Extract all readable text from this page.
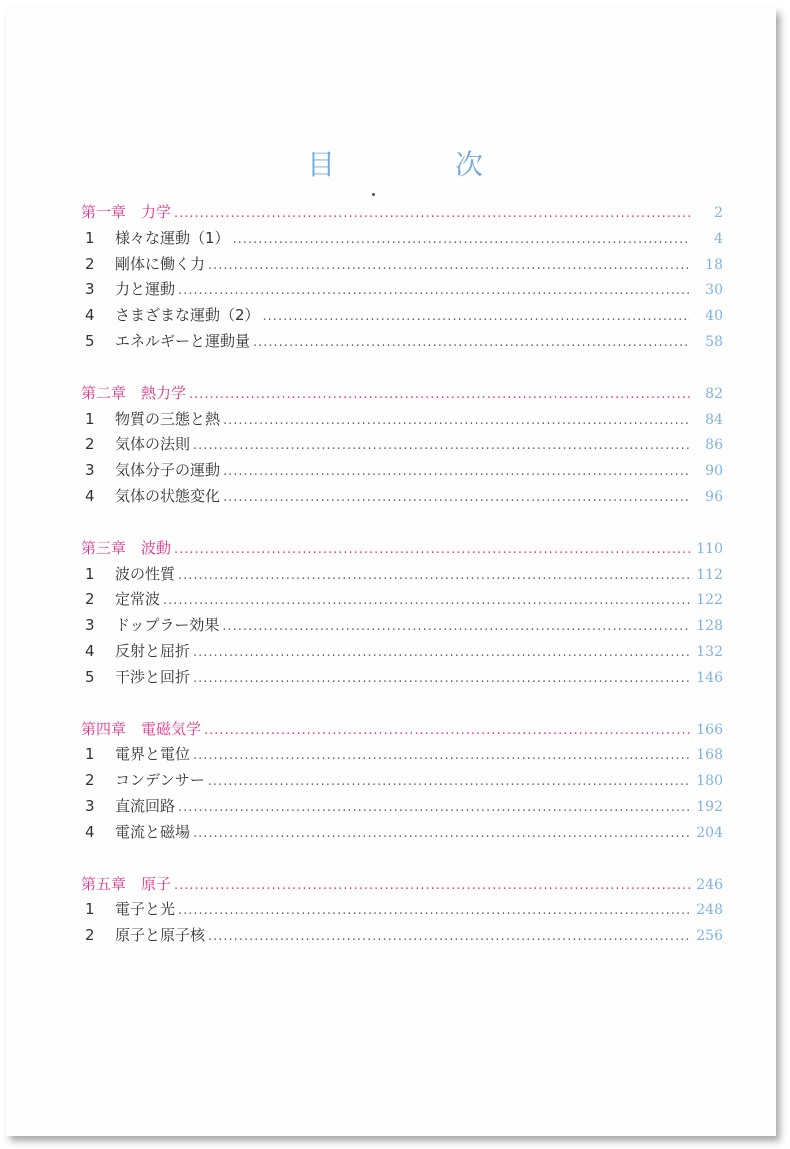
目　次
第一章　力学 .....	2
1 様々な運動（1） .....	4
2 剛体に働く力 .....	18
3 力と運動 .....	30
4 さまざまな運動（2） .....	40
5 エネルギーと運動量 .....	58
第二章　熱力学 .....	82
1 物質の三態と熱 .....	84
2 気体の法則 .....	86
3 気体分子の運動 .....	90
4 気体の状態変化 .....	96
第三章　波動 .....	110
1 波の性質 .....	112
2 定常波 .....	122
3 ドップラー効果 .....	128
4 反射と屈折 .....	132
5 干渉と回折 .....	146
第四章　電磁気学 .....	166
1 電界と電位 .....	168
2 コンデンサー .....	180
3 直流回路 .....	192
4 電流と磁場 .....	204
第五章　原子 .....	246
1 電子と光 .....	248
2 原子と原子核 .....	256
